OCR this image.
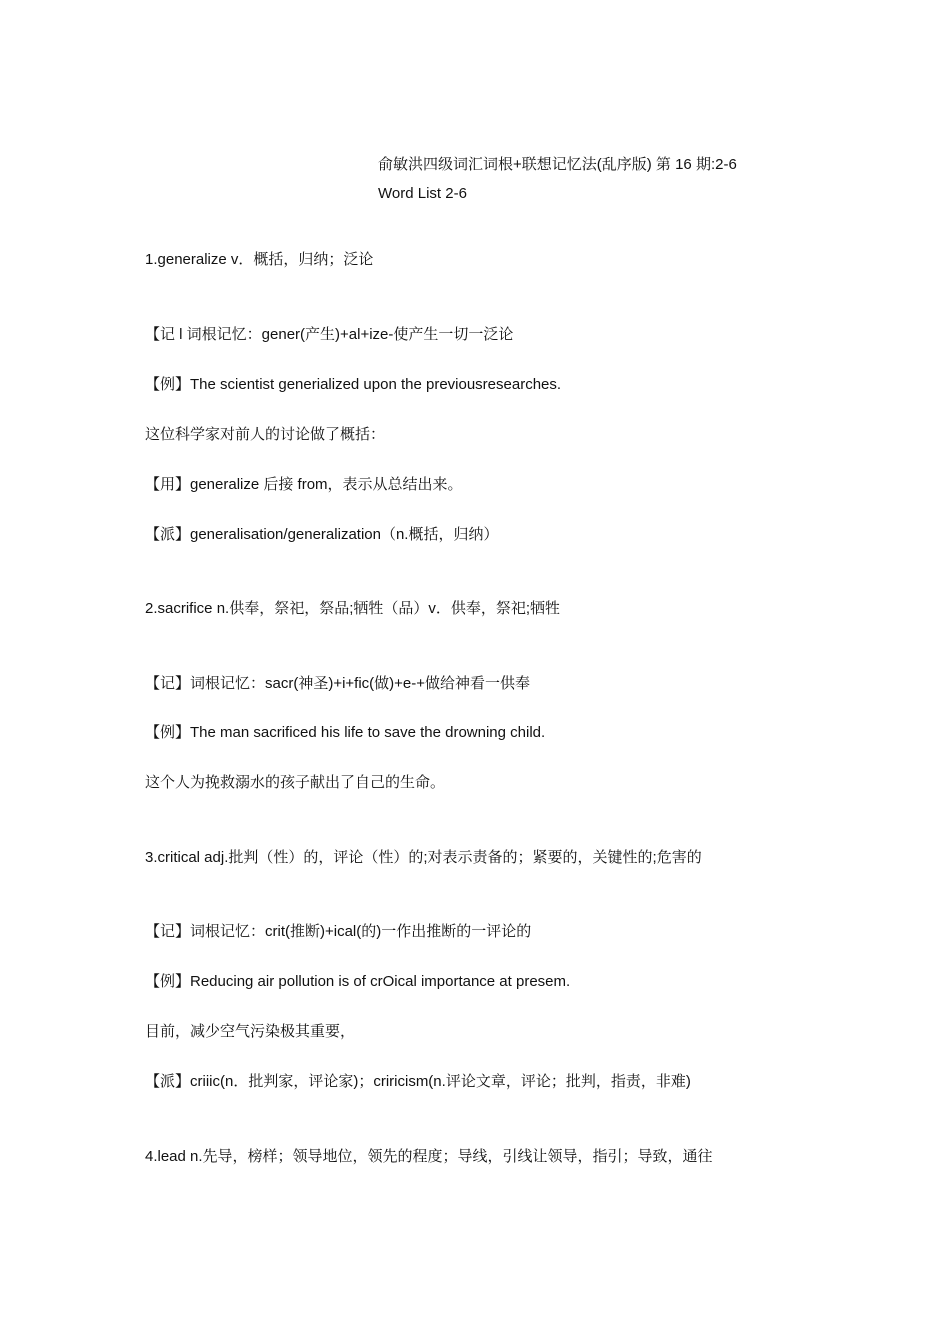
俞敏洪四级词汇词根+联想记忆法(乱序版) 第 16 期:2-6
Word List 2-6
1.generalize v．概括，归纳；泛论
【记 l 词根记忆：gener(产生)+al+ize-使产生一切一泛论
【例】The scientist generialized upon the previousresearches.
这位科学家对前人的讨论做了概括：
【用】generalize 后接 from，表示从总结出来。
【派】generalisation/generalization（n.概括，归纳）
2.sacrifice n.供奉，祭祀，祭品;牺牲（品）v．供奉，祭祀;牺牲
【记】词根记忆：sacr(神圣)+i+fic(做)+e-+做给神看一供奉
【例】The man sacrificed his life to save the drowning child.
这个人为挽救溺水的孩子献出了自己的生命。
3.critical adj.批判（性）的，评论（性）的;对表示责备的；紧要的，关键性的;危害的
【记】词根记忆：crit(推断)+ical(的)一作出推断的一评论的
【例】Reducing air pollution is of crOical importance at presem.
目前，减少空气污染极其重要，
【派】criiic(n．批判家，评论家)；criricism(n.评论文章，评论；批判，指责，非难)
4.lead n.先导，榜样；领导地位，领先的程度；导线，引线让领导，指引；导致，通往
